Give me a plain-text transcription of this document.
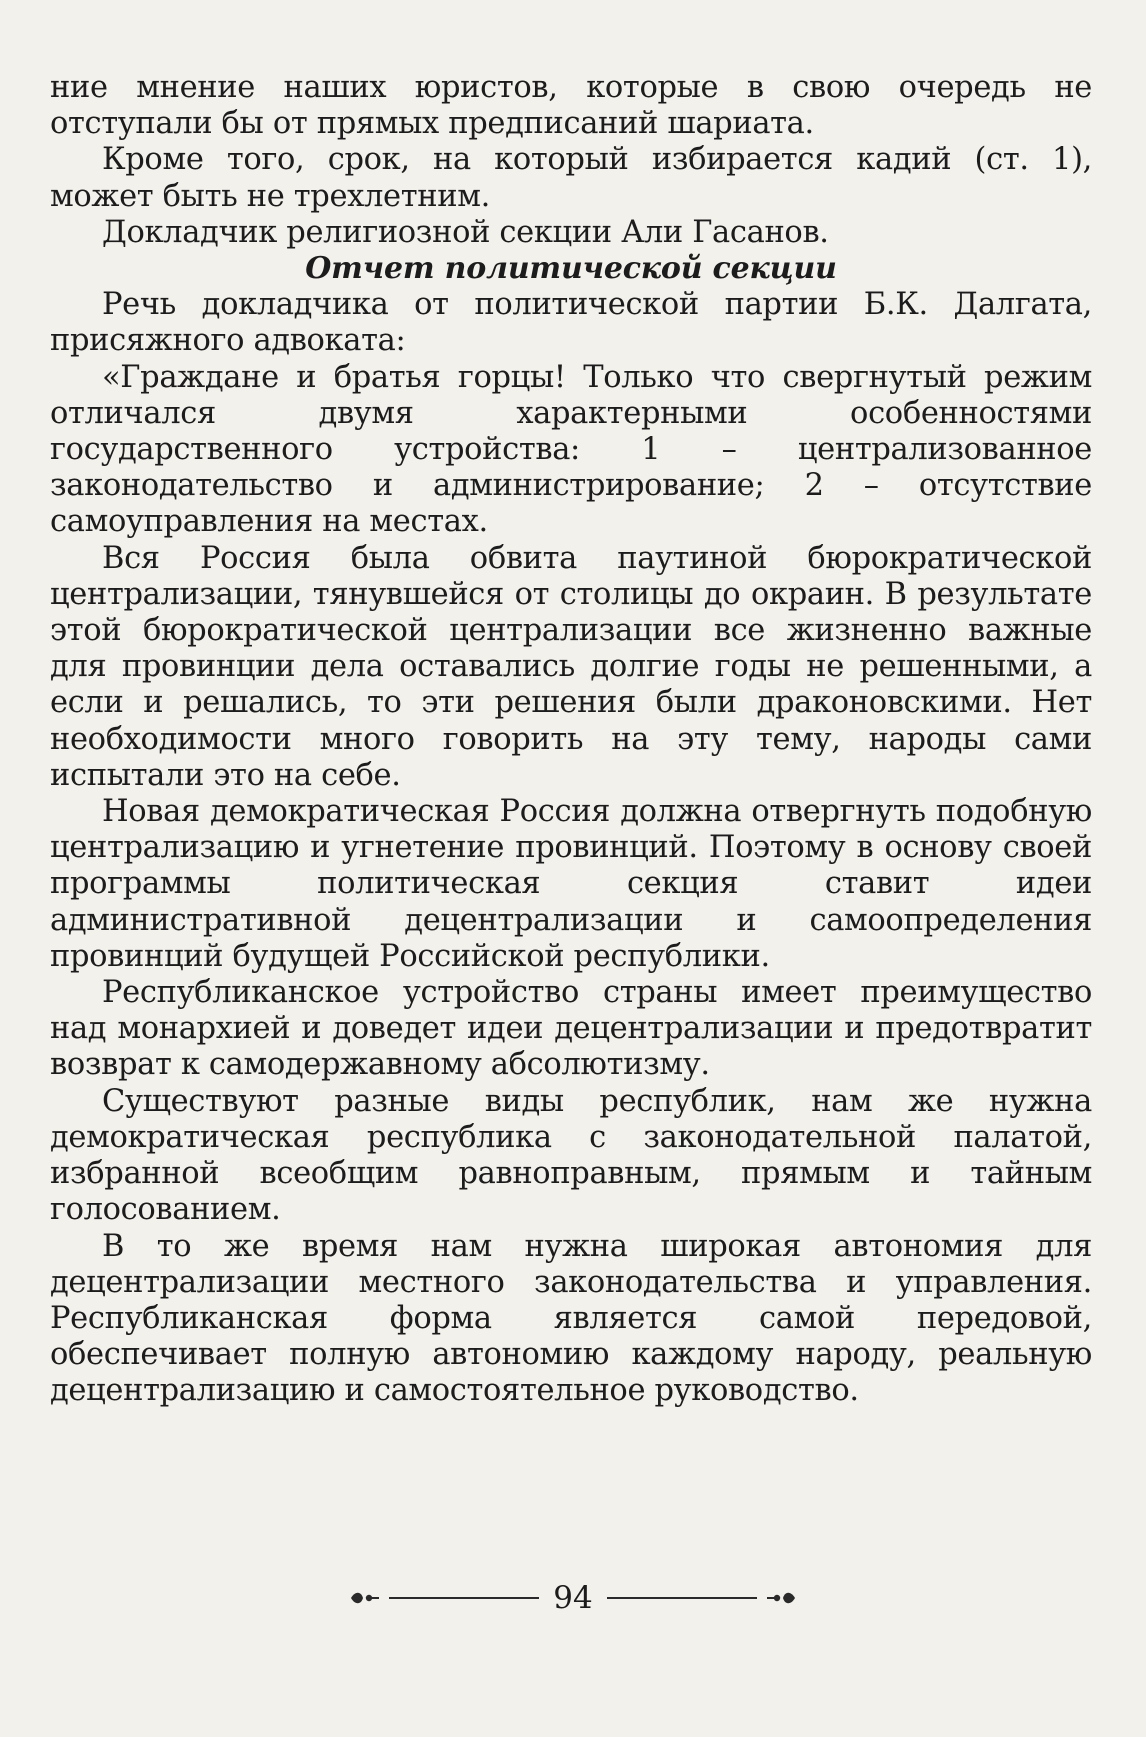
ние мнение наших юристов, которые в свою очередь не отступали бы от прямых предписаний шариата.

Кроме того, срок, на который избирается кадий (ст. 1), может быть не трехлетним.

Докладчик религиозной секции Али Гасанов.

Отчет политической секции

Речь докладчика от политической партии Б.К. Далгата, присяжного адвоката:

«Граждане и братья горцы! Только что свергнутый режим отличался двумя характерными особенностями государственного устройства: 1 – централизованное законодательство и администрирование; 2 – отсутствие самоуправления на местах.

Вся Россия была обвита паутиной бюрократической централизации, тянувшейся от столицы до окраин. В результате этой бюрократической централизации все жизненно важные для провинции дела оставались долгие годы не решенными, а если и решались, то эти решения были драконовскими. Нет необходимости много говорить на эту тему, народы сами испытали это на себе.

Новая демократическая Россия должна отвергнуть подобную централизацию и угнетение провинций. Поэтому в основу своей программы политическая секция ставит идеи административной децентрализации и самоопределения провинций будущей Российской республики.

Республиканское устройство страны имеет преимущество над монархией и доведет идеи децентрализации и предотвратит возврат к самодержавному абсолютизму.

Существуют разные виды республик, нам же нужна демократическая республика с законодательной палатой, избранной всеобщим равноправным, прямым и тайным голосованием.

В то же время нам нужна широкая автономия для децентрализации местного законодательства и управления. Республиканская форма является самой передовой, обеспечивает полную автономию каждому народу, реальную децентрализацию и самостоятельное руководство.

94
